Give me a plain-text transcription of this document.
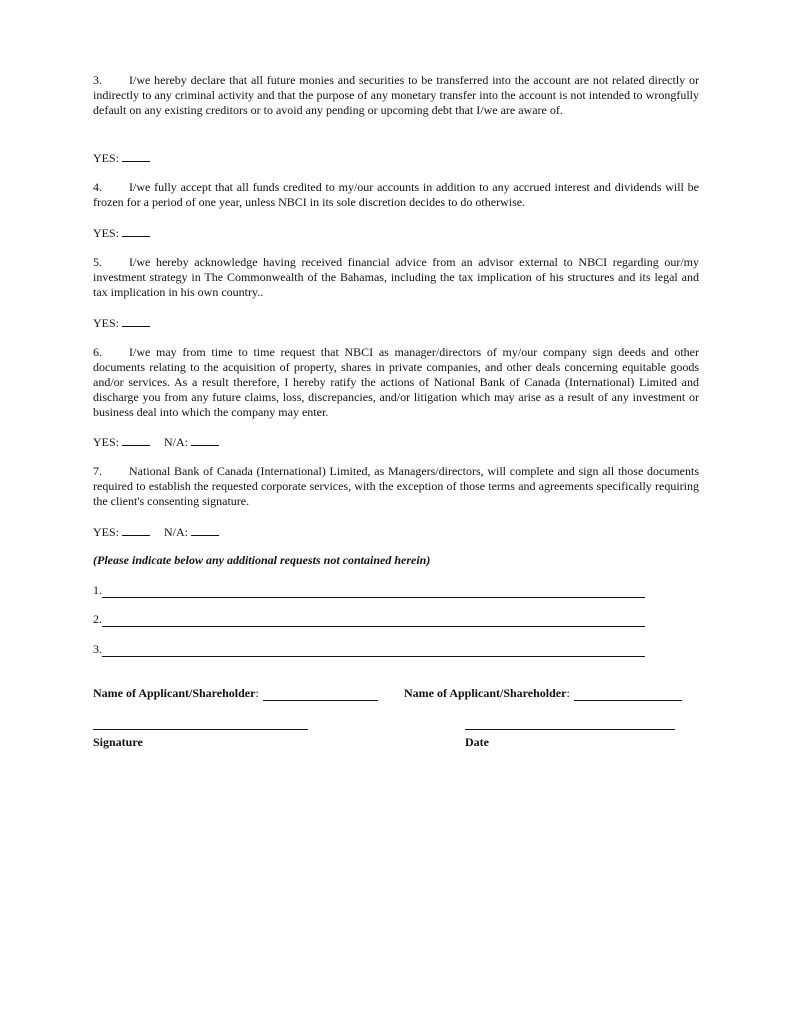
3. I/we hereby declare that all future monies and securities to be transferred into the account are not related directly or indirectly to any criminal activity and that the purpose of any monetary transfer into the account is not intended to wrongfully default on any existing creditors or to avoid any pending or upcoming debt that I/we are aware of.

YES:

4. I/we fully accept that all funds credited to my/our accounts in addition to any accrued interest and dividends will be frozen for a period of one year, unless NBCI in its sole discretion decides to do otherwise.

YES:

5. I/we hereby acknowledge having received financial advice from an advisor external to NBCI regarding our/my investment strategy in The Commonwealth of the Bahamas, including the tax implication of his structures and its legal and tax implication in his own country..

YES:

6. I/we may from time to time request that NBCI as manager/directors of my/our company sign deeds and other documents relating to the acquisition of property, shares in private companies, and other deals concerning equitable goods and/or services. As a result therefore, I hereby ratify the actions of National Bank of Canada (International) Limited and discharge you from any future claims, loss, discrepancies, and/or litigation which may arise as a result of any investment or business deal into which the company may enter.

YES:	N/A:

7. National Bank of Canada (International) Limited, as Managers/directors, will complete and sign all those documents required to establish the requested corporate services, with the exception of those terms and agreements specifically requiring the client's consenting signature.

YES:	N/A:

(Please indicate below any additional requests not contained herein)

1.
2.
3.
Name of Applicant/Shareholder :	Name of Applicant/Shareholder :
Signature	Date
